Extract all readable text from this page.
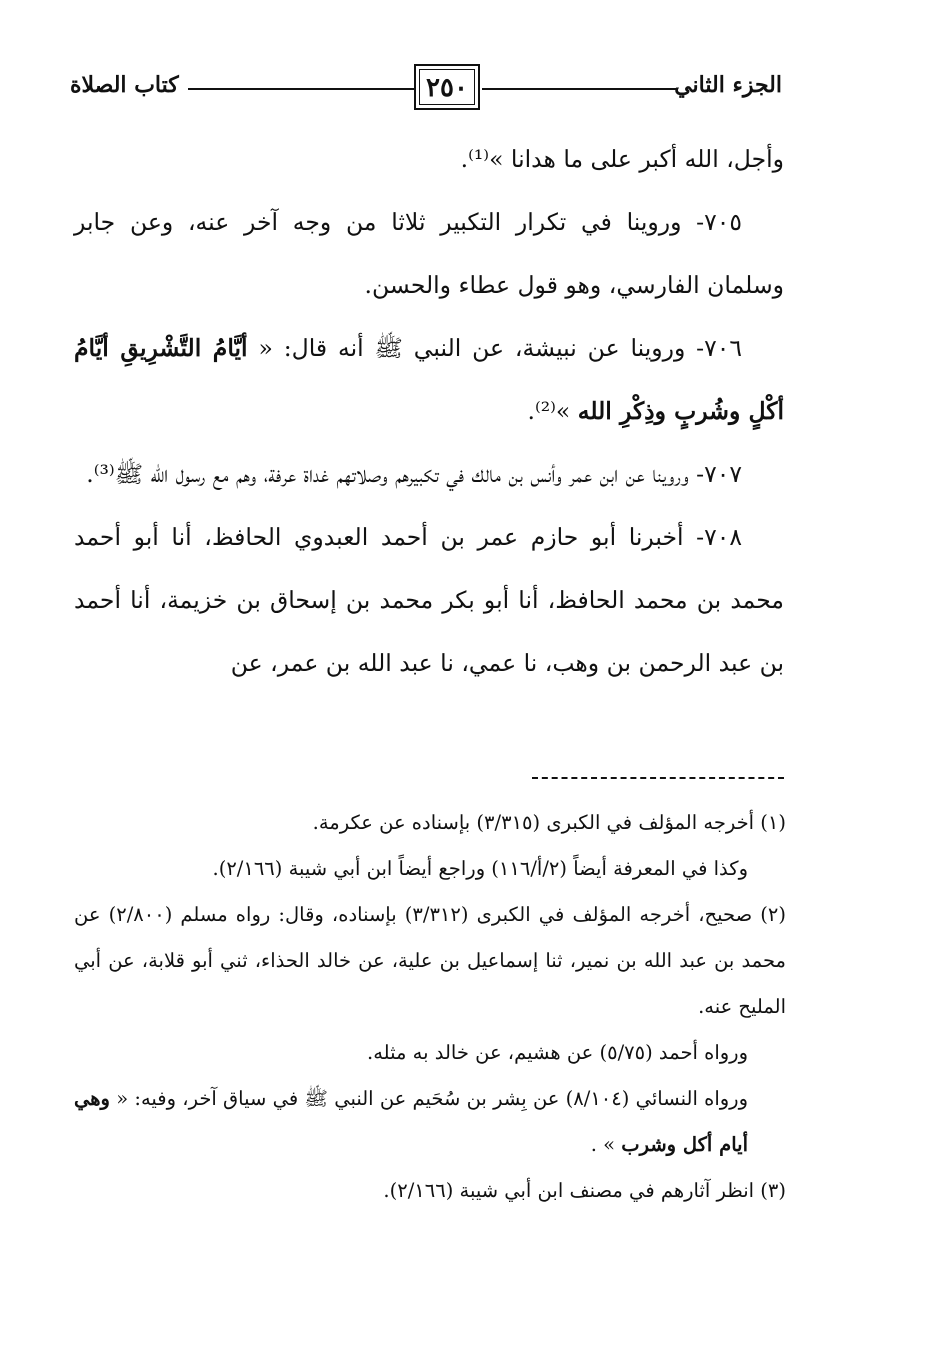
كتاب الصلاة	٢٥٠	الجزء الثاني

وأجل، الله أكبر على ما هدانا »⁽¹⁾.

٧٠٥- وروينا في تكرار التكبير ثلاثا من وجه آخر عنه، وعن جابر وسلمان الفارسي، وهو قول عطاء والحسن.

٧٠٦- وروينا عن نبيشة، عن النبي ﷺ أنه قال: « أيَّامُ التَّشْرِيقِ أيَّامُ أكْلٍ وشُربٍ وذِكْرِ الله »⁽²⁾.

٧٠٧- وروينا عن ابن عمر وأنس بن مالك في تكبيرهم وصلاتهم غداة عرفة، وهم مع رسول الله ﷺ⁽³⁾.

٧٠٨- أخبرنا أبو حازم عمر بن أحمد العبدوي الحافظ، أنا أبو أحمد محمد بن محمد الحافظ، أنا أبو بكر محمد بن إسحاق بن خزيمة، أنا أحمد بن عبد الرحمن بن وهب، نا عمي، نا عبد الله بن عمر، عن

(١) أخرجه المؤلف في الكبرى (٣/٣١٥) بإسناده عن عكرمة.

وكذا في المعرفة أيضاً (٢/أ/١١٦) وراجع أيضاً ابن أبي شيبة (٢/١٦٦).

(٢) صحيح، أخرجه المؤلف في الكبرى (٣/٣١٢) بإسناده، وقال: رواه مسلم (٢/٨٠٠) عن محمد بن عبد الله بن نمير، ثنا إسماعيل بن علية، عن خالد الحذاء، ثني أبو قلابة، عن أبي المليح عنه.

ورواه أحمد (٥/٧٥) عن هشيم، عن خالد به مثله.

ورواه النسائي (٨/١٠٤) عن بِشر بن سُحَيم عن النبي ﷺ في سياق آخر، وفيه: « وهي أيام أكل وشرب » .

(٣) انظر آثارهم في مصنف ابن أبي شيبة (٢/١٦٦).
